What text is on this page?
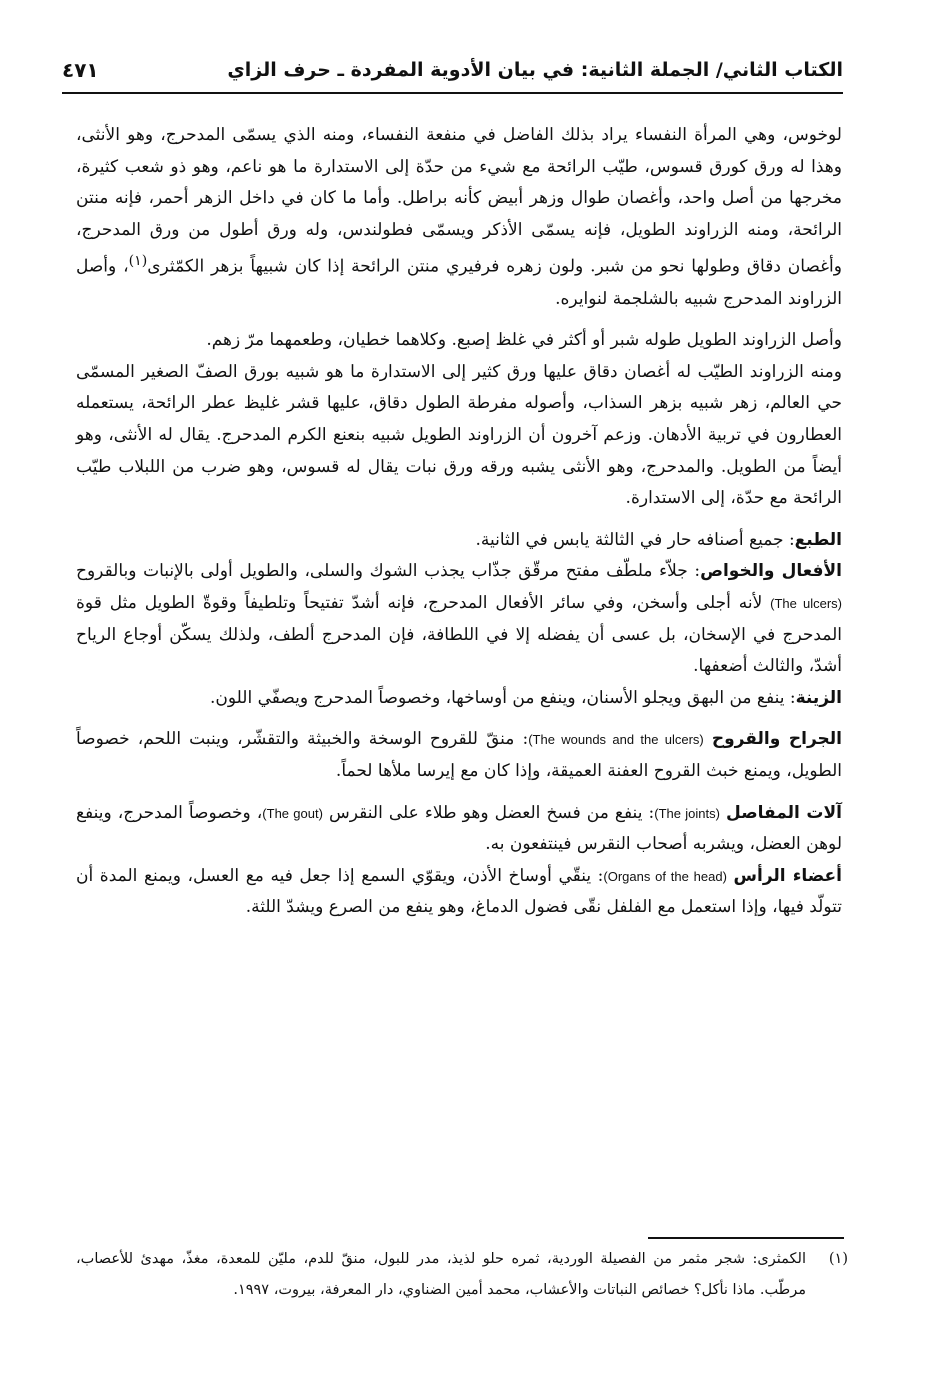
الكتاب الثاني/ الجملة الثانية: في بيان الأدوية المفردة ـ حرف الزاي
٤٧١

لوخوس، وهي المرأة النفساء يراد بذلك الفاضل في منفعة النفساء، ومنه الذي يسمّى المدحرج، وهو الأنثى، وهذا له ورق كورق قسوس، طيّب الرائحة مع شيء من حدّة إلى الاستدارة ما هو ناعم، وهو ذو شعب كثيرة، مخرجها من أصل واحد، وأغصان طوال وزهر أبيض كأنه براطل. وأما ما كان في داخل الزهر أحمر، فإنه منتن الرائحة، ومنه الزراوند الطويل، فإنه يسمّى الأذكر ويسمّى فطولندس، وله ورق أطول من ورق المدحرج، وأغصان دقاق وطولها نحو من شبر. ولون زهره فرفيري منتن الرائحة إذا كان شبيهاً بزهر الكمّثرى$^{(١)}$، وأصل الزراوند المدحرج شبيه بالشلجمة لنوايره.

وأصل الزراوند الطويل طوله شبر أو أكثر في غلظ إصبع. وكلاهما خطيان، وطعمهما مرّ زهم.

ومنه الزراوند الطيّب له أغصان دقاق عليها ورق كثير إلى الاستدارة ما هو شبيه بورق الصفّ الصغير المسمّى حي العالم، زهر شبيه بزهر السذاب، وأصوله مفرطة الطول دقاق، عليها قشر غليظ عطر الرائحة، يستعمله العطارون في تربية الأدهان. وزعم آخرون أن الزراوند الطويل شبيه بنعنع الكرم المدحرج. يقال له الأنثى، وهو أيضاً من الطويل. والمدحرج، وهو الأنثى يشبه ورقه ورق نبات يقال له قسوس، وهو ضرب من اللبلاب طيّب الرائحة مع حدّة، إلى الاستدارة.

الطبع: جميع أصنافه حار في الثالثة يابس في الثانية.

الأفعال والخواص: جلاّء ملطّف مفتح مرقّق جذّاب يجذب الشوك والسلى، والطويل أولى بالإنبات وبالقروح (The ulcers) لأنه أجلى وأسخن، وفي سائر الأفعال المدحرج، فإنه أشدّ تفتيحاً وتلطيفاً وقوةّ الطويل مثل قوة المدحرج في الإسخان، بل عسى أن يفضله إلا في اللطافة، فإن المدحرج ألطف، ولذلك يسكّن أوجاع الرياح أشدّ، والثالث أضعفها.

الزينة: ينفع من البهق ويجلو الأسنان، وينفع من أوساخها، وخصوصاً المدحرج ويصفّي اللون.

الجراح والقروح (The wounds and the ulcers): منقّ للقروح الوسخة والخبيثة والتقشّر، وينبت اللحم، خصوصاً الطويل، ويمنع خبث القروح العفنة العميقة، وإذا كان مع إيرسا ملأها لحماً.

آلات المفاصل (The joints): ينفع من فسخ العضل وهو طلاء على النقرس (The gout)، وخصوصاً المدحرج، وينفع لوهن العضل، ويشربه أصحاب النقرس فينتفعون به.

أعضاء الرأس (Organs of the head): ينقّي أوساخ الأذن، ويقوّي السمع إذا جعل فيه مع العسل، ويمنع المدة أن تتولّد فيها، وإذا استعمل مع الفلفل نقّى فضول الدماغ، وهو ينفع من الصرع ويشدّ اللثة.

(١)
الكمثرى: شجر مثمر من الفصيلة الوردية، ثمره حلو لذيذ، مدر للبول، منقّ للدم، مليّن للمعدة، مغذّ، مهدئ للأعصاب، مرطّب. ماذا نأكل؟ خصائص النباتات والأعشاب، محمد أمين الضناوي، دار المعرفة، بيروت، ١٩٩٧.
